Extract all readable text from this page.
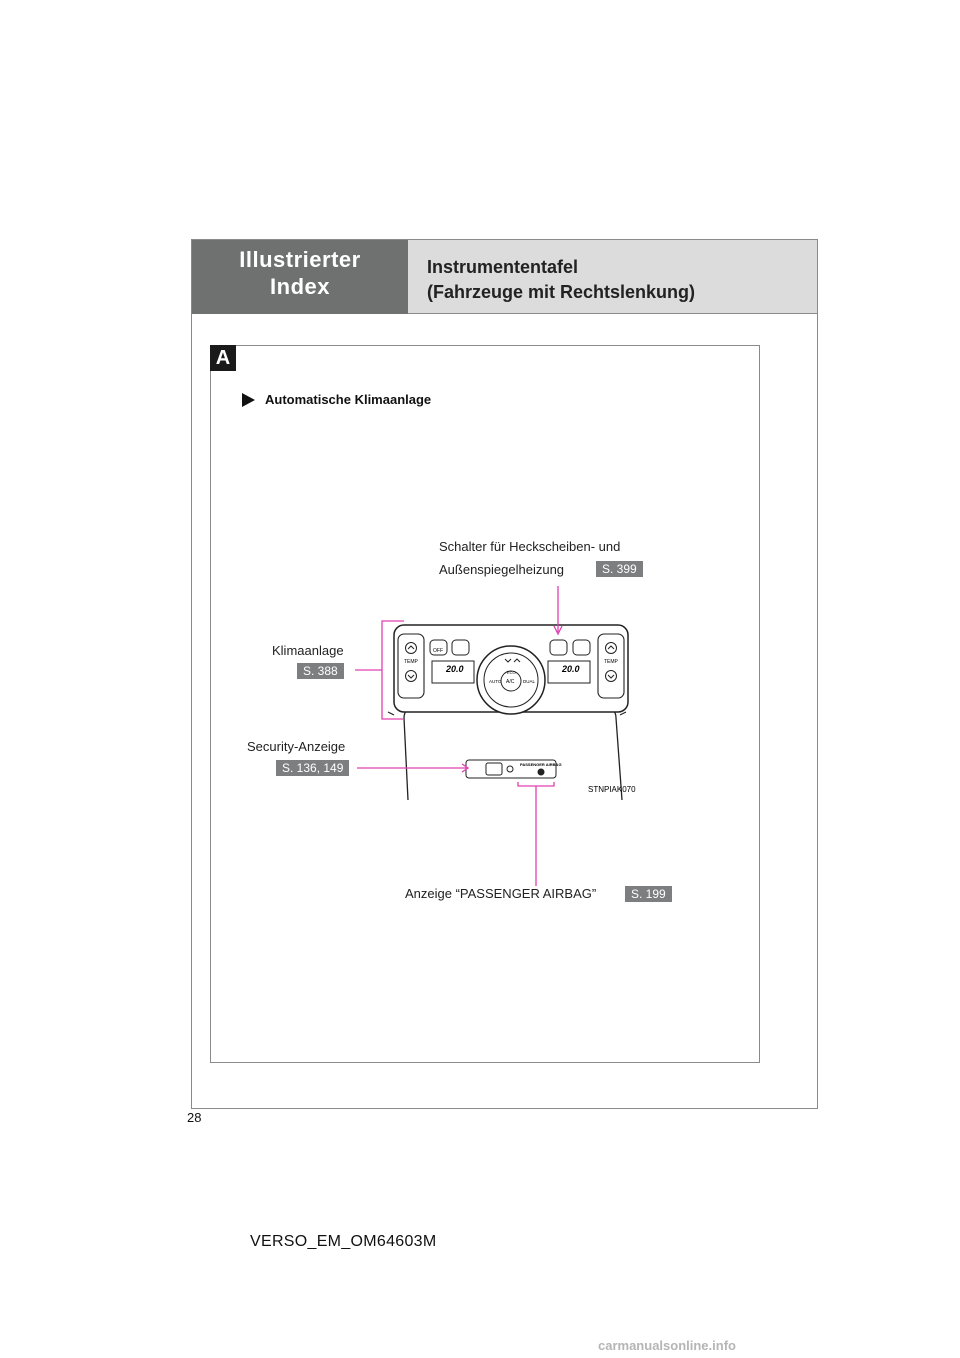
Illustrierter
Index
Instrumententafel
(Fahrzeuge mit Rechtslenkung)
A
Automatische Klimaanlage
TEMP	TEMP
OFF
20.0	20.0
A/C
AUTO	DUAL
ECO
PASSENGER AIRBAG
STNPIAK070
Schalter für Heckscheiben- und
Außenspiegelheizung	S. 399
Klimaanlage
S. 388
Security-Anzeige
S. 136, 149
Anzeige “PASSENGER AIRBAG”	S. 199
28
VERSO_EM_OM64603M
carmanualsonline.info
